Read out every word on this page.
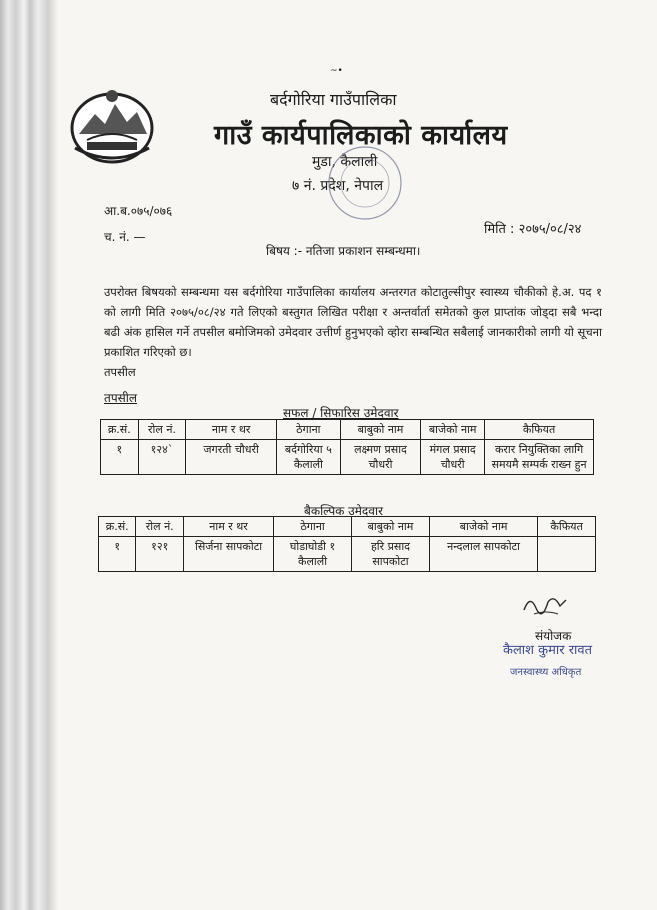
~•
बर्दगोरिया गाउँपालिका
गाउँ कार्यपालिकाको कार्यालय
मुडा, कैलाली
७ नं. प्रदेश, नेपाल
आ.ब.०७५/०७६
च. नं. —	मिति : २०७५/०८/२४
बिषय :- नतिजा प्रकाशन सम्बन्धमा।
उपरोक्त बिषयको सम्बन्धमा यस बर्दगोरिया गाउँपालिका कार्यालय अन्तरगत कोटातुल्सीपुर स्वास्थ्य चौकीको हे.अ. पद १ को लागी मिति २०७५/०८/२४ गते लिएको बस्तुगत लिखित परीक्षा र अन्तर्वार्ता समेतको कुल प्राप्तांक जोड्दा सबै भन्दा बढी अंक हासिल गर्ने तपसील बमोजिमको उमेदवार उत्तीर्ण हुनुभएको व्होरा सम्बन्धित सबैलाई जानकारीको लागी यो सूचना प्रकाशित गरिएको छ।
तपसील
तपसील
सफल / सिफारिस उमेदवार
क्र.सं.	रोल नं.	नाम र थर	ठेगाना	बाबुको नाम	बाजेको नाम	कैफियत
१	१२४`	जगरती चौधरी	बर्दगोरिया ५ कैलाली	लक्ष्मण प्रसाद चौधरी	मंगल प्रसाद चौधरी	करार नियुक्तिका लागि समयमै सम्पर्क राख्न हुन
बैकल्पिक उमेदवार
क्र.सं.	रोल नं.	नाम र थर	ठेगाना	बाबुको नाम	बाजेको नाम	कैफियत
१	१२१	सिर्जना सापकोटा	घोडाघोडी १ कैलाली	हरि प्रसाद सापकोटा	नन्दलाल सापकोटा	
संयोजक
कैलाश कुमार रावत
जनस्वास्थ्य अधिकृत
